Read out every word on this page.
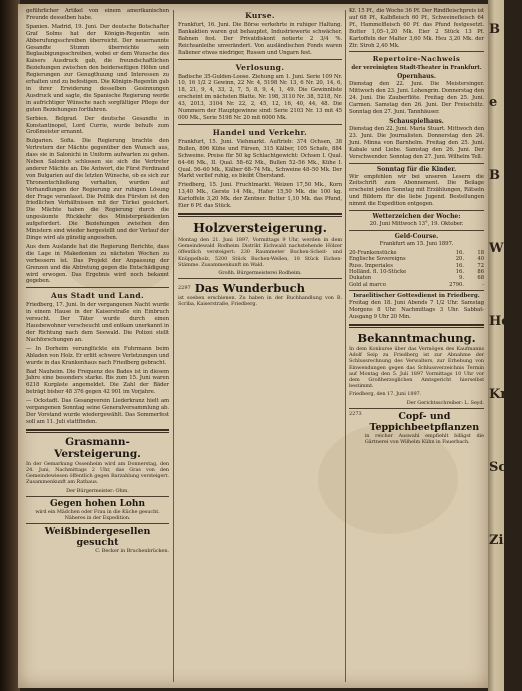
geführlicher Artikel von einem amerikanischen Freunde desselben habe.

Spanien. Madrid, 19. Juni. Der deutsche Botschafter Graf Solms hat der Königin-Regentin sein Abberufungsschreiben überreicht. Der neuernannte Gesandte Stumm überreichte sein Beglaubigungsschreiben, wobei er dem Wunsche des Kaisers Ausdruck gab, die freundschaftlichen Beziehungen zwischen den beiderseitigen Höfen und Regierungen zur Genugthuung und Interessen zu erhalten und zu befestigen. Die Königin-Regentin gab in ihrer Erwiderung desselben Gesinnungen Ausdruck und sagte, die Spanische Regierung werde in aufrichtiger Wünsche nach sorgfältiger Pflege der guten Beziehungen fortfahren.

Serbien. Belgrad. Der deutsche Gesandte in Konstantinopel, Lord Currie, wurde behufs zum Großmeister ernannt.

Bulgarien. Sofia. Die Regierung brachte den Vertretern der Mächte gegenüber den Wunsch aus, dass sie in Salonichi in Uniform aufwarten zu gehen. Neben Salonich schlossen sie sich die Vertreter anderer Mächte an. Die Antwort, die Fürst Ferdinand von Bulgarien auf die letzten Wünsche, ob es sich zur Thronentschließung verhalten, wurden auf Verhandlungen der Regierung zur ruhigen Lösung der Frage veranlasst. Die Politik des Fürsten ist den friedlichen Verhältnissen mit der Türkei gesichert. Die Mächte haben die Regierung durch die ungesäumte Rückkehr des Ministerpräsidenten aufgefordert. Die Beziehungen zwischen den Ministern sind wieder hergestellt und der Verlauf der Dinge wird als günstig angesehen.

Aus dem Auslande hat die Regierung Berichte, dass die Lage in Makedonien zu nächsten Wochen zu verbessern ist. Das Projekt der Anpassung der Grenzen und die Abtretung gegen die Entschädigung wird erwogen. Das Ergebnis wird noch bekannt gegeben.

Aus Stadt und Land.

Friedberg, 17. Juni. In der vergangenen Nacht wurde in einem Hause in der Kaiserstraße ein Einbruch versucht. Der Täter wurde durch einen Hausbewohner verscheucht und entkam unerkannt in der Richtung nach dem Seewald. Die Polizei stellt Nachforschungen an.

— In Dorheim verunglückte ein Fuhrmann beim Abladen von Holz. Er erlitt schwere Verletzungen und wurde in das Krankenhaus nach Friedberg gebracht.

Bad Nauheim. Die Frequenz des Bades ist in diesem Jahre eine besonders starke. Bis zum 15. Juni waren 6218 Kurgäste angemeldet. Die Zahl der Bäder beträgt bisher 48 376 gegen 42 901 im Vorjahre.

— Ockstadt. Das Gesangverein Liederkranz hielt am vergangenen Sonntag seine Generalversammlung ab. Der Vorstand wurde wiedergewählt. Das Sommerfest soll am 11. Juli stattfinden.

Grasmann-Versteigerung.

In der Gemarkung Ossenheim wird am Donnerstag, den 24. Juni, Nachmittags 2 Uhr, das Gras von den Gemeindewiesen öffentlich gegen Barzahlung versteigert. Zusammenkunft am Rathaus.

Der Bürgermeister: Ohm.

Gegen hohen Lohn

wird ein Mädchen oder Frau in die Küche gesucht. Näheres in der Expedition.

Weißbindergesellen gesucht

C. Becker in Bruchenbrücken.

Kurse.

Frankfurt, 16. Juni. Die Börse verkehrte in ruhiger Haltung. Bankaktien waren gut behauptet, Industriewerte schwächer, Bahnen fest. Der Privatdiskont notierte 2 3/4 %. Reichsanleihe unverändert. Von ausländischen Fonds waren Italiener etwas niedriger, Russen und Ungarn fest.

Verlosung.

Badische 35-Gulden-Loose. Ziehung am 1. Juni. Serie 109 Nr. 10, 16 1/2 2 Gewinn, 22 Nr. 4, 5198 Nr. 13, 6 Nr. 20, 14, 6, 18, 21, 9, 4, 33, 2, 7, 5, 8, 9, 4, 1, 49. Die Gewinnliste erscheint im nächsten Blatte. Nr. 198, 3110 Nr. 38, 5218, Nr. 43, 2013, 3104 Nr. 22, 2, 45, 12, 16, 40, 44, 48. Die Nummern der Hauptgewinne sind: Serie 2103 Nr. 13 mit 45 000 Mk., Serie 5198 Nr. 20 mit 6000 Mk.

Handel und Verkehr.

Frankfurt, 15. Juni. Viehmarkt. Auftrieb: 374 Ochsen, 38 Bullen, 896 Kühe und Färsen, 315 Kälber, 105 Schafe, 884 Schweine. Preise für 50 kg Schlachtgewicht: Ochsen I. Qual. 64–66 Mk., II. Qual. 58–62 Mk., Bullen 52–56 Mk., Kühe I. Qual. 56–60 Mk., Kälber 68–74 Mk., Schweine 48–50 Mk. Der Markt verlief ruhig, es bleibt Überstand.

Friedberg, 15. Juni. Fruchtmarkt. Weizen 17,50 Mk., Korn 13,40 Mk., Gerste 14 Mk., Hafer 15,50 Mk. die 100 kg. Kartoffeln 3,20 Mk. der Zentner. Butter 1,10 Mk. das Pfund, Eier 6 Pf. das Stück.

Holzversteigerung.

Montag den 21. Juni 1897, Vormittags 9 Uhr, werden in dem Gemeindewald Rodheim Distrikt Eichwald nachstehende Hölzer öffentlich versteigert: 230 Raummeter Buchen-Scheit- und Knüppelholz, 5200 Stück Buchen-Wellen, 18 Stück Eichen-Stämme. Zusammenkunft im Wald.

Großh. Bürgermeisterei Rodheim.

2297 Das Wunderbuch

ist soeben erschienen. Zu haben in der Buchhandlung von B. Scriba, Kaiserstraße, Friedberg.

Kf. 15 Pf., die Woche 36 Pf. Der Rindfleischpreis ist auf 68 Pf., Kalbfleisch 60 Pf., Schweinefleisch 64 Pf., Hammelfleisch 60 Pf. das Pfund festgesetzt. Butter 1,05–1,20 Mk. Eier 2 Stück 13 Pf. Kartoffeln der Malter 3,60 Mk. Heu 3,20 Mk. der Ztr. Stroh 2,40 Mk.

Repertoire-Nachweis
der vereinigten Stadt-Theater in Frankfurt.
Opernhaus.

Dienstag den 22. Juni. Die Meistersinger. Mittwoch den 23. Juni. Lohengrin. Donnerstag den 24. Juni. Die Zauberflöte. Freitag den 25. Juni. Carmen. Samstag den 26. Juni. Der Freischütz. Sonntag den 27. Juni. Tannhäuser.

Schauspielhaus.

Dienstag den 22. Juni. Maria Stuart. Mittwoch den 23. Juni. Die Journalisten. Donnerstag den 24. Juni. Minna von Barnhelm. Freitag den 25. Juni. Kabale und Liebe. Samstag den 26. Juni. Der Verschwender. Sonntag den 27. Juni. Wilhelm Tell.

Sonntag für die Kinder.

Wir empfehlen wir bei unseren Lesern die Zeitschrift zum Abonnement. Die Beilage erscheint jeden Sonntag mit Erzählungen, Rätseln und Bildern für die liebe Jugend. Bestellungen nimmt die Expedition entgegen.

Wetterzeichen der Woche:

20. Juni Mittwoch 13°, 19. Oktober.

Geld-Course.

Frankfurt am 15. Juni 1897.

20-Frankenstücke	16.	18
Englische Sovereigns	20.	40
Russ. Imperiales	16.	72
Holländ. fl. 10-Stücke	16.	86
Dukaten	9.	68
Gold al marco	2790.	-
Israelitischer Gottesdienst in Friedberg.

Freitag den 18. Juni Abends 7 1/2 Uhr. Samstag Morgens 8 Uhr. Nachmittags 3 Uhr. Sabbat-Ausgang 9 Uhr 20 Min.

Bekanntmachung.

In dem Konkurse über das Vermögen des Kaufmanns Adolf Seip zu Friedberg ist zur Abnahme der Schlussrechnung des Verwalters, zur Erhebung von Einwendungen gegen das Schlussverzeichnis Termin auf Montag den 5. Juli 1897 Vormittags 10 Uhr vor dem Großherzoglichen Amtsgericht hierselbst bestimmt.

Friedberg, den 17. Juni 1897.

Der Gerichtsschreiber: L. Seyd.

2273	Copf- und Teppichbeetpflanzen

in reicher Auswahl empfiehlt billigst die Gärtnerei von Wilhelm Kühn in Fauerbach.

B
e
B
W
Holz
Kri
Sch
Zi
